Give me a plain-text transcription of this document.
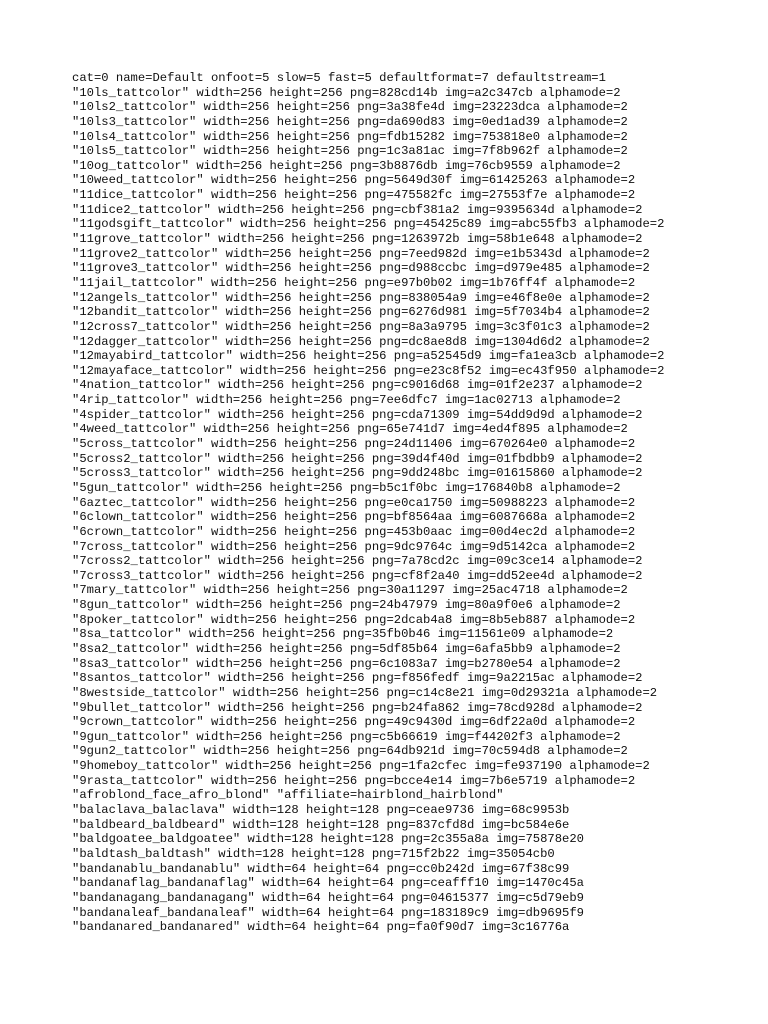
cat=0 name=Default onfoot=5 slow=5 fast=5 defaultformat=7 defaultstream=1
"10ls_tattcolor" width=256 height=256 png=828cd14b img=a2c347cb alphamode=2
"10ls2_tattcolor" width=256 height=256 png=3a38fe4d img=23223dca alphamode=2
"10ls3_tattcolor" width=256 height=256 png=da690d83 img=0ed1ad39 alphamode=2
"10ls4_tattcolor" width=256 height=256 png=fdb15282 img=753818e0 alphamode=2
"10ls5_tattcolor" width=256 height=256 png=1c3a81ac img=7f8b962f alphamode=2
"10og_tattcolor" width=256 height=256 png=3b8876db img=76cb9559 alphamode=2
"10weed_tattcolor" width=256 height=256 png=5649d30f img=61425263 alphamode=2
"11dice_tattcolor" width=256 height=256 png=475582fc img=27553f7e alphamode=2
"11dice2_tattcolor" width=256 height=256 png=cbf381a2 img=9395634d alphamode=2
"11godsgift_tattcolor" width=256 height=256 png=45425c89 img=abc55fb3 alphamode=2
"11grove_tattcolor" width=256 height=256 png=1263972b img=58b1e648 alphamode=2
"11grove2_tattcolor" width=256 height=256 png=7eed982d img=e1b5343d alphamode=2
"11grove3_tattcolor" width=256 height=256 png=d988ccbc img=d979e485 alphamode=2
"11jail_tattcolor" width=256 height=256 png=e97b0b02 img=1b76ff4f alphamode=2
"12angels_tattcolor" width=256 height=256 png=838054a9 img=e46f8e0e alphamode=2
"12bandit_tattcolor" width=256 height=256 png=6276d981 img=5f7034b4 alphamode=2
"12cross7_tattcolor" width=256 height=256 png=8a3a9795 img=3c3f01c3 alphamode=2
"12dagger_tattcolor" width=256 height=256 png=dc8ae8d8 img=1304d6d2 alphamode=2
"12mayabird_tattcolor" width=256 height=256 png=a52545d9 img=fa1ea3cb alphamode=2
"12mayaface_tattcolor" width=256 height=256 png=e23c8f52 img=ec43f950 alphamode=2
"4nation_tattcolor" width=256 height=256 png=c9016d68 img=01f2e237 alphamode=2
"4rip_tattcolor" width=256 height=256 png=7ee6dfc7 img=1ac02713 alphamode=2
"4spider_tattcolor" width=256 height=256 png=cda71309 img=54dd9d9d alphamode=2
"4weed_tattcolor" width=256 height=256 png=65e741d7 img=4ed4f895 alphamode=2
"5cross_tattcolor" width=256 height=256 png=24d11406 img=670264e0 alphamode=2
"5cross2_tattcolor" width=256 height=256 png=39d4f40d img=01fbdbb9 alphamode=2
"5cross3_tattcolor" width=256 height=256 png=9dd248bc img=01615860 alphamode=2
"5gun_tattcolor" width=256 height=256 png=b5c1f0bc img=176840b8 alphamode=2
"6aztec_tattcolor" width=256 height=256 png=e0ca1750 img=50988223 alphamode=2
"6clown_tattcolor" width=256 height=256 png=bf8564aa img=6087668a alphamode=2
"6crown_tattcolor" width=256 height=256 png=453b0aac img=00d4ec2d alphamode=2
"7cross_tattcolor" width=256 height=256 png=9dc9764c img=9d5142ca alphamode=2
"7cross2_tattcolor" width=256 height=256 png=7a78cd2c img=09c3ce14 alphamode=2
"7cross3_tattcolor" width=256 height=256 png=cf8f2a40 img=dd52ee4d alphamode=2
"7mary_tattcolor" width=256 height=256 png=30a11297 img=25ac4718 alphamode=2
"8gun_tattcolor" width=256 height=256 png=24b47979 img=80a9f0e6 alphamode=2
"8poker_tattcolor" width=256 height=256 png=2dcab4a8 img=8b5eb887 alphamode=2
"8sa_tattcolor" width=256 height=256 png=35fb0b46 img=11561e09 alphamode=2
"8sa2_tattcolor" width=256 height=256 png=5df85b64 img=6afa5bb9 alphamode=2
"8sa3_tattcolor" width=256 height=256 png=6c1083a7 img=b2780e54 alphamode=2
"8santos_tattcolor" width=256 height=256 png=f856fedf img=9a2215ac alphamode=2
"8westside_tattcolor" width=256 height=256 png=c14c8e21 img=0d29321a alphamode=2
"9bullet_tattcolor" width=256 height=256 png=b24fa862 img=78cd928d alphamode=2
"9crown_tattcolor" width=256 height=256 png=49c9430d img=6df22a0d alphamode=2
"9gun_tattcolor" width=256 height=256 png=c5b66619 img=f44202f3 alphamode=2
"9gun2_tattcolor" width=256 height=256 png=64db921d img=70c594d8 alphamode=2
"9homeboy_tattcolor" width=256 height=256 png=1fa2cfec img=fe937190 alphamode=2
"9rasta_tattcolor" width=256 height=256 png=bcce4e14 img=7b6e5719 alphamode=2
"afroblond_face_afro_blond" "affiliate=hairblond_hairblond"
"balaclava_balaclava" width=128 height=128 png=ceae9736 img=68c9953b
"baldbeard_baldbeard" width=128 height=128 png=837cfd8d img=bc584e6e
"baldgoatee_baldgoatee" width=128 height=128 png=2c355a8a img=75878e20
"baldtash_baldtash" width=128 height=128 png=715f2b22 img=35054cb0
"bandanablu_bandanablu" width=64 height=64 png=cc0b242d img=67f38c99
"bandanaflag_bandanaflag" width=64 height=64 png=ceafff10 img=1470c45a
"bandanagang_bandanagang" width=64 height=64 png=04615377 img=c5d79eb9
"bandanaleaf_bandanaleaf" width=64 height=64 png=183189c9 img=db9695f9
"bandanared_bandanared" width=64 height=64 png=fa0f90d7 img=3c16776a
